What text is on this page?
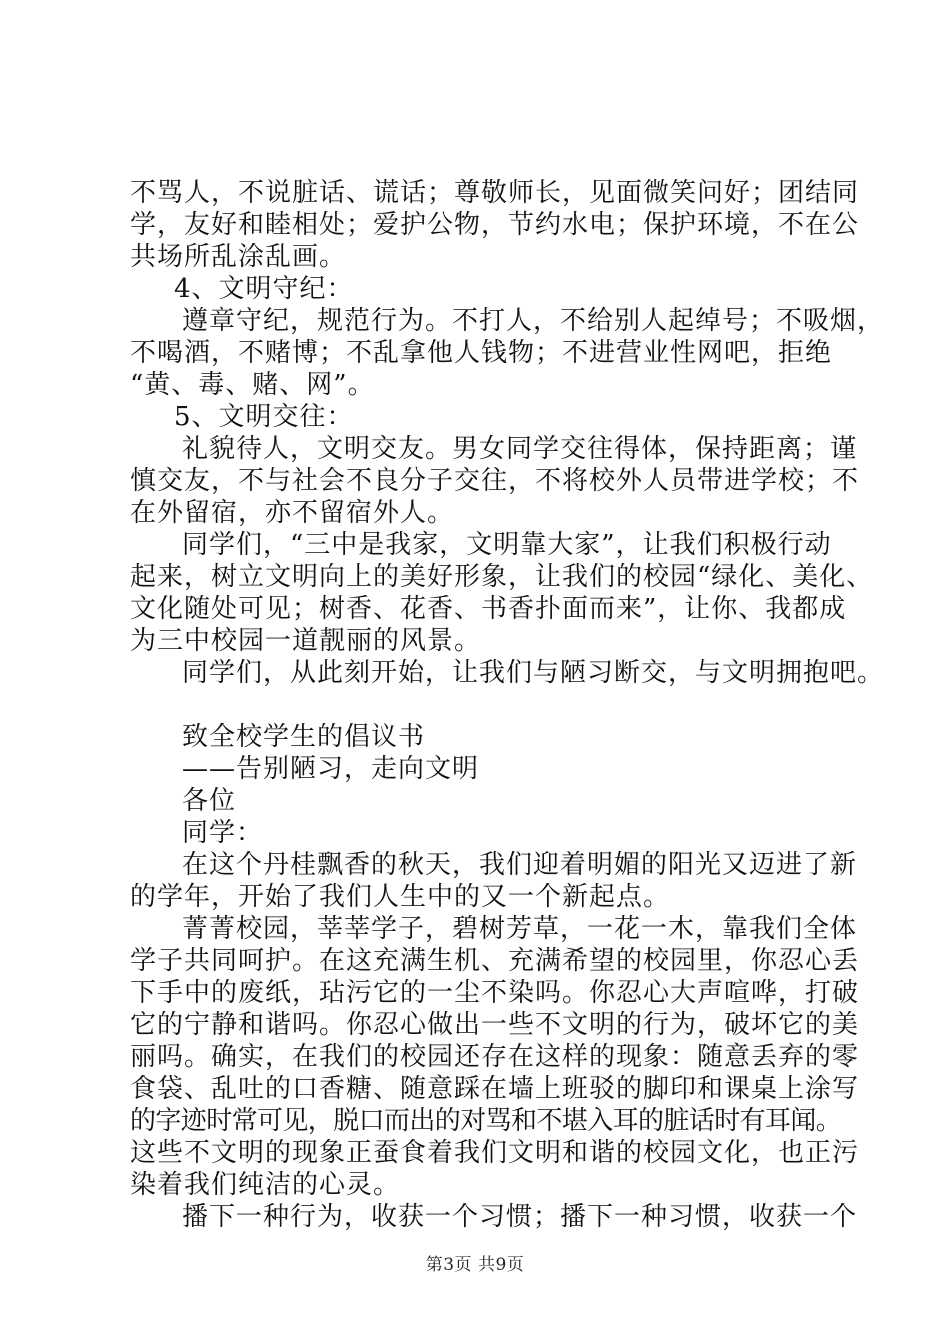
不骂人，不说脏话、谎话；尊敬师长，见面微笑问好；团结同
学，友好和睦相处；爱护公物，节约水电；保护环境，不在公
共场所乱涂乱画。
4、文明守纪：
遵章守纪，规范行为。不打人，不给别人起绰号；不吸烟，
不喝酒，不赌博；不乱拿他人钱物；不进营业性网吧，拒绝
“黄、毒、赌、网”。
5、文明交往：
礼貌待人，文明交友。男女同学交往得体，保持距离；谨
慎交友，不与社会不良分子交往，不将校外人员带进学校；不
在外留宿，亦不留宿外人。
同学们，“三中是我家，文明靠大家”，让我们积极行动
起来，树立文明向上的美好形象，让我们的校园“绿化、美化、
文化随处可见；树香、花香、书香扑面而来”，让你、我都成
为三中校园一道靓丽的风景。
同学们，从此刻开始，让我们与陋习断交，与文明拥抱吧。
致全校学生的倡议书
——告别陋习，走向文明
各位
同学：
在这个丹桂飘香的秋天，我们迎着明媚的阳光又迈进了新
的学年，开始了我们人生中的又一个新起点。
菁菁校园，莘莘学子，碧树芳草，一花一木，靠我们全体
学子共同呵护。在这充满生机、充满希望的校园里，你忍心丢
下手中的废纸，玷污它的一尘不染吗。你忍心大声喧哗，打破
它的宁静和谐吗。你忍心做出一些不文明的行为，破坏它的美
丽吗。确实，在我们的校园还存在这样的现象：随意丢弃的零
食袋、乱吐的口香糖、随意踩在墙上班驳的脚印和课桌上涂写
的字迹时常可见，脱口而出的对骂和不堪入耳的脏话时有耳闻。
这些不文明的现象正蚕食着我们文明和谐的校园文化，也正污
染着我们纯洁的心灵。
播下一种行为，收获一个习惯；播下一种习惯，收获一个
第3页 共9页
